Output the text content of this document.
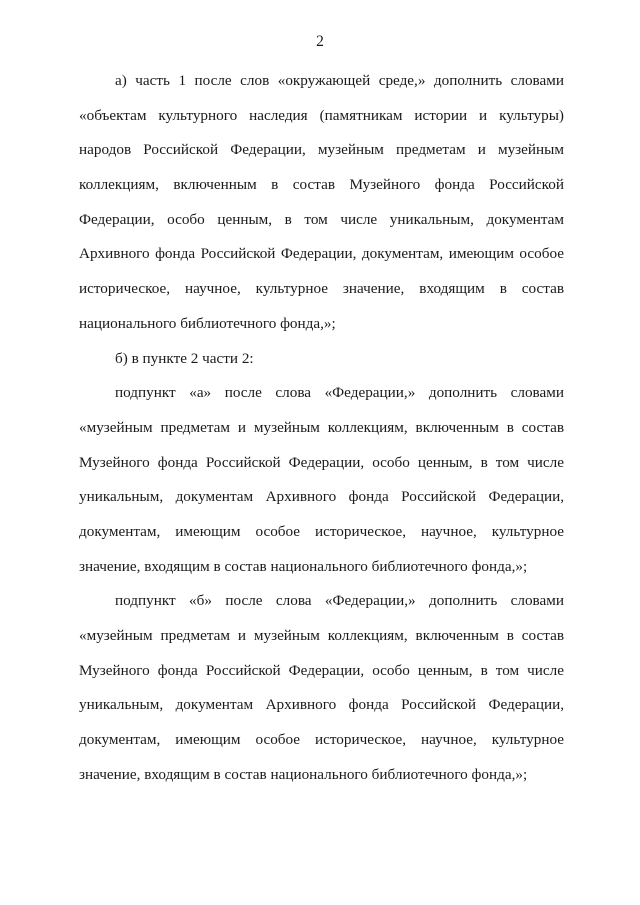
2
а) часть 1 после слов «окружающей среде,» дополнить словами
«объектам культурного наследия (памятникам истории и культуры)
народов Российской Федерации, музейным предметам и музейным
коллекциям, включенным в состав Музейного фонда Российской
Федерации, особо ценным, в том числе уникальным, документам
Архивного фонда Российской Федерации, документам, имеющим особое
историческое, научное, культурное значение, входящим в состав
национального библиотечного фонда,»;
б) в пункте 2 части 2:
подпункт «а» после слова «Федерации,» дополнить словами
«музейным предметам и музейным коллекциям, включенным в состав
Музейного фонда Российской Федерации, особо ценным, в том числе
уникальным, документам Архивного фонда Российской Федерации,
документам, имеющим особое историческое, научное, культурное
значение, входящим в состав национального библиотечного фонда,»;
подпункт «б» после слова «Федерации,» дополнить словами
«музейным предметам и музейным коллекциям, включенным в состав
Музейного фонда Российской Федерации, особо ценным, в том числе
уникальным, документам Архивного фонда Российской Федерации,
документам, имеющим особое историческое, научное, культурное
значение, входящим в состав национального библиотечного фонда,»;
